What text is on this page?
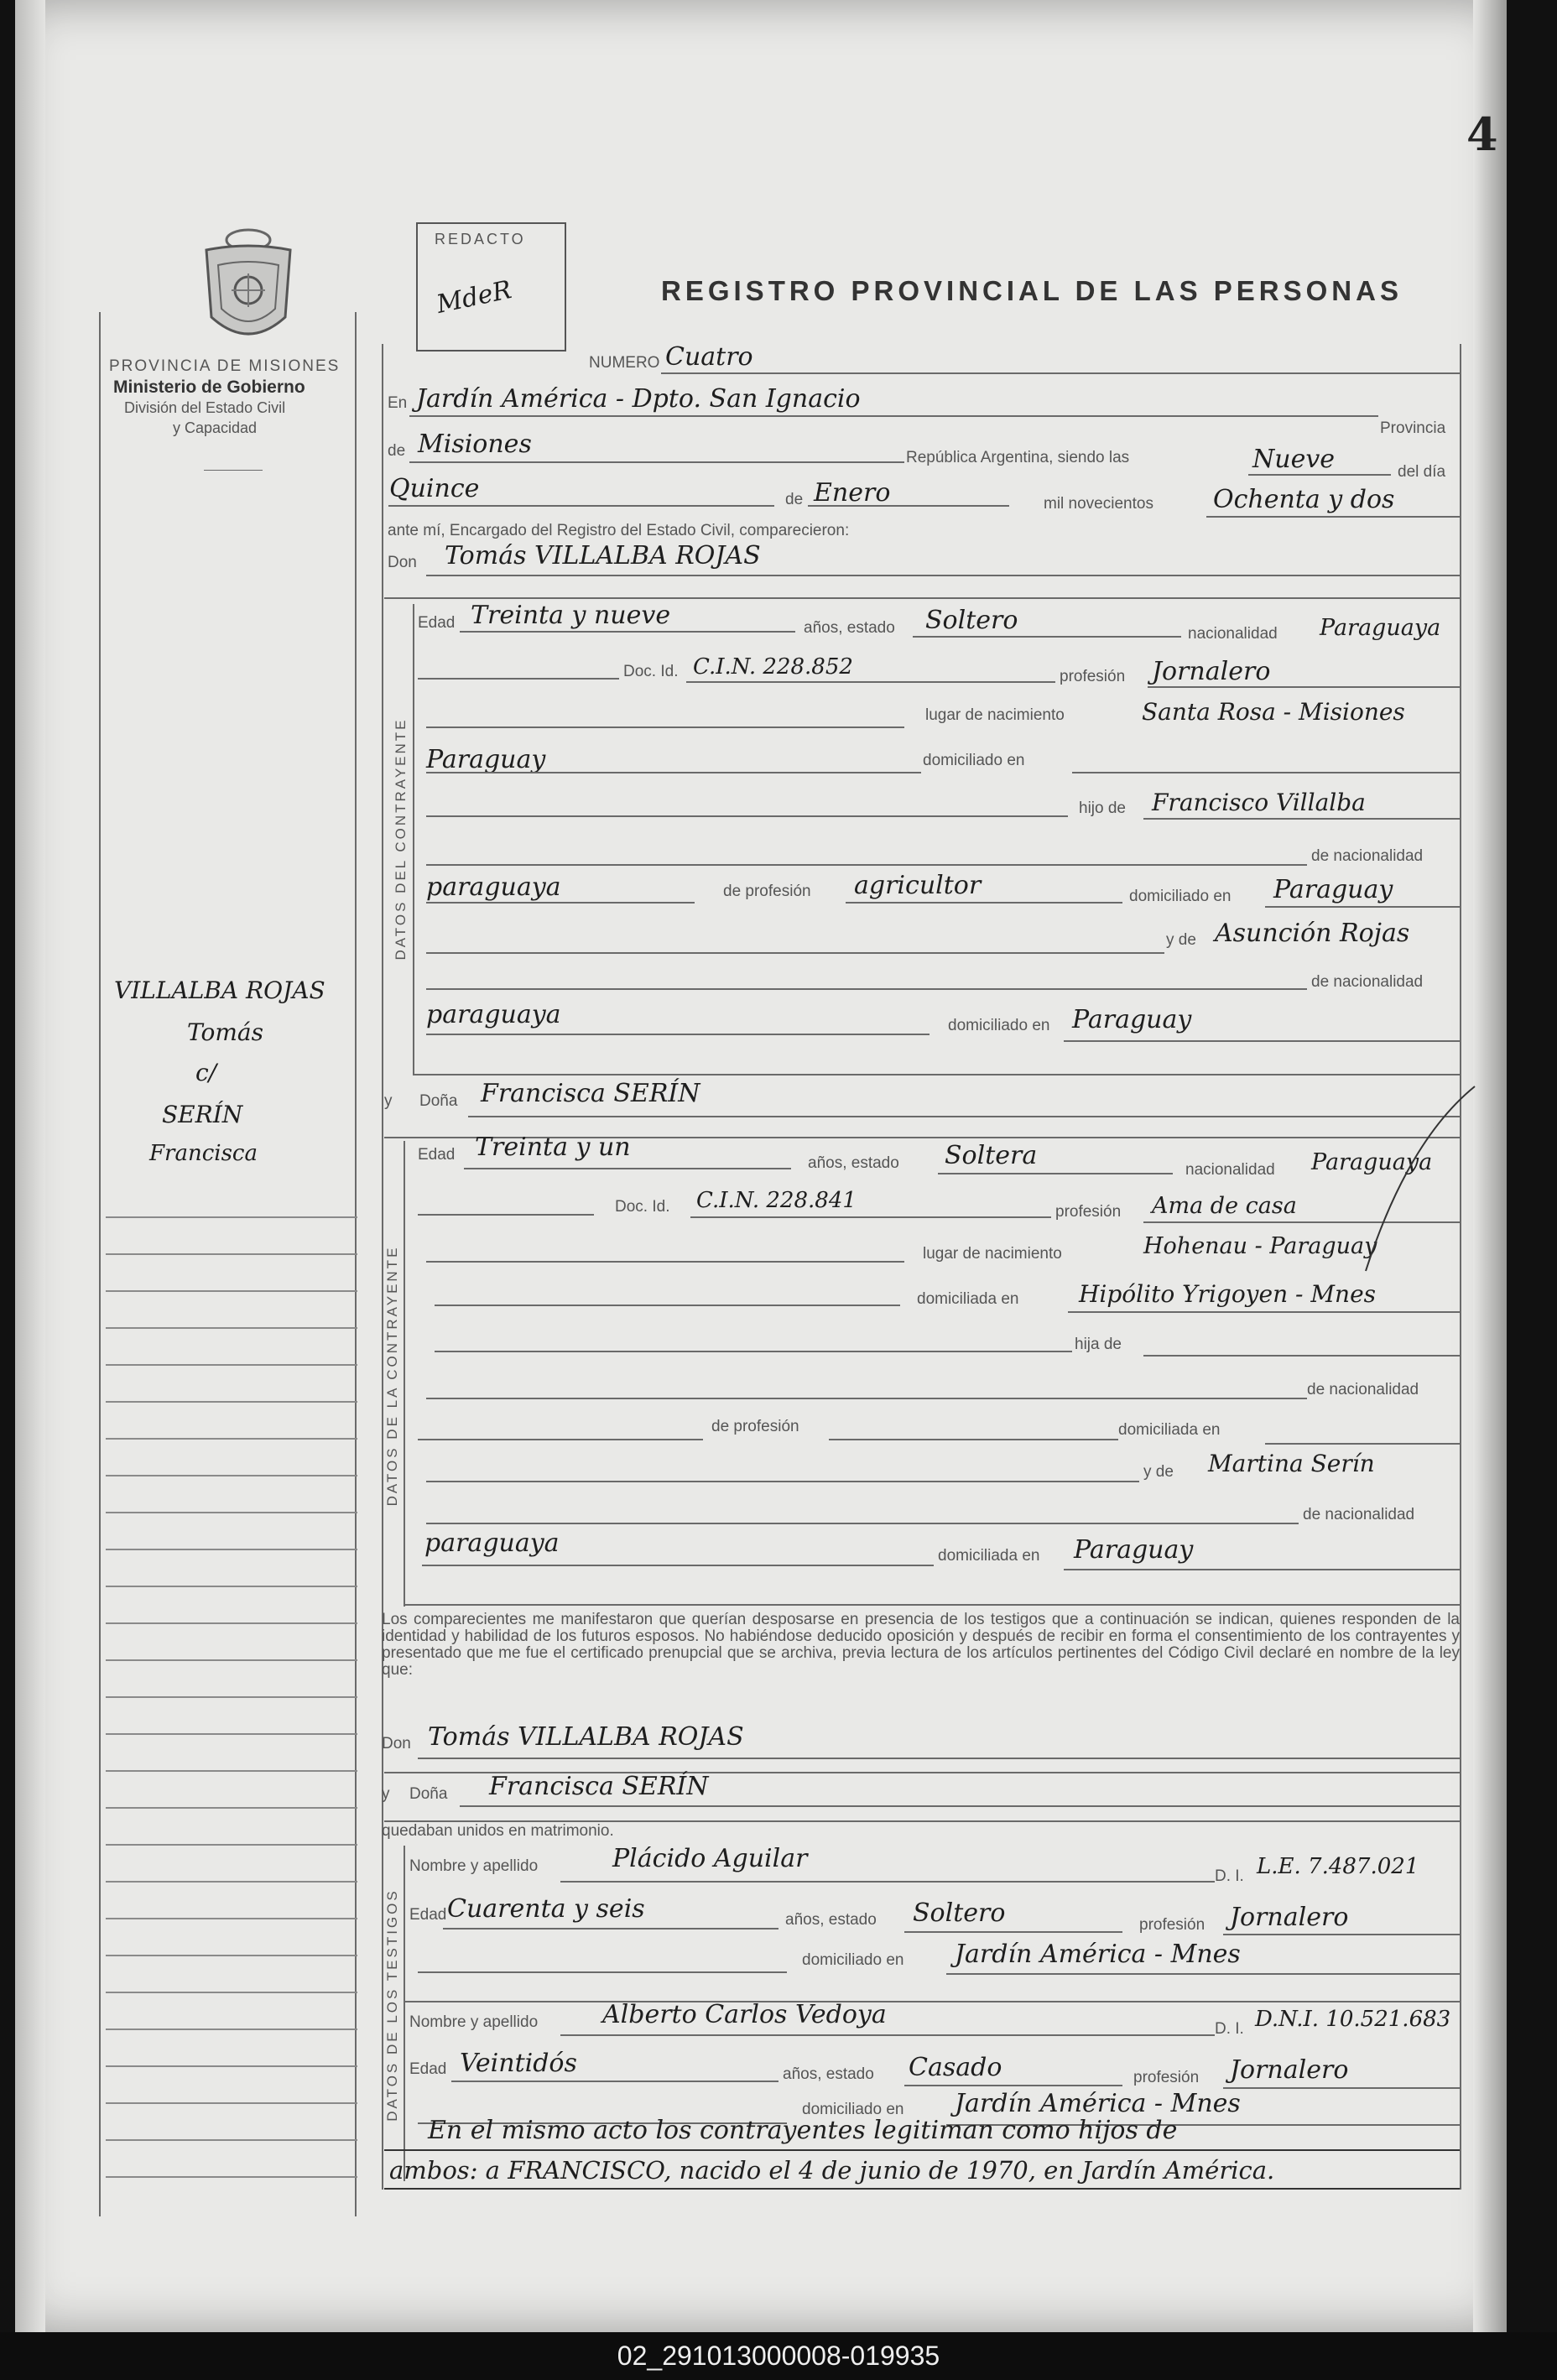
4
PROVINCIA DE MISIONES
Ministerio de Gobierno
División del Estado Civil
y Capacidad
VILLALBA ROJAS
Tomás
c/
SERÍN
Francisca
REDACTO
MdeR	REGISTRO PROVINCIAL DE LAS PERSONAS
NUMERO Cuatro
En Jardín América - Dpto. San Ignacio
Provincia
de Misiones	República Argentina, siendo las	Nueve	del día
Quince	de Enero	mil novecientos Ochenta y dos
ante mí, Encargado del Registro del Estado Civil, comparecieron:
Don Tomás VILLALBA ROJAS
DATOS DEL CONTRAYENTE
Edad Treinta y nueve	años, estado Soltero	nacionalidad Paraguaya
Doc. Id. C.I.N. 228.852	profesión Jornalero
lugar de nacimiento	Santa Rosa - Misiones
Paraguay	domiciliado en
hijo de Francisco Villalba
de nacionalidad
paraguaya	de profesión agricultor	domiciliado en Paraguay
y de Asunción Rojas
de nacionalidad
paraguaya	domiciliado en Paraguay
y Doña Francisca SERÍN
DATOS DE LA CONTRAYENTE
Edad Treinta y un
años, estado Soltera	nacionalidad Paraguaya
Doc. Id. C.I.N. 228.841	profesión Ama de casa
lugar de nacimiento	Hohenau - Paraguay
domiciliada en	Hipólito Yrigoyen - Mnes
hija de
de nacionalidad
de profesión	domiciliada en
y de Martina Serín
de nacionalidad
paraguaya	domiciliada en Paraguay
Los comparecientes me manifestaron que querían desposarse en presencia de los testigos que a continuación se indican, quienes responden de la identidad y habilidad de los futuros esposos. No habiéndose deducido oposición y después de recibir en forma el consentimiento de los contrayentes y presentado que me fue el certificado prenupcial que se archiva, previa lectura de los artículos pertinentes del Código Civil declaré en nombre de la ley que:
Don Tomás VILLALBA ROJAS
y Doña Francisca SERÍN
quedaban unidos en matrimonio.
DATOS DE LOS TESTIGOS
Nombre y apellido	Plácido Aguilar
D. I. L.E. 7.487.021
Edad Cuarenta y seis	años, estado Soltero	profesión Jornalero
domiciliado en Jardín América - Mnes
Nombre y apellido	Alberto Carlos Vedoya	D. I. D.N.I. 10.521.683
Edad Veintidós	años, estado Casado	profesión Jornalero
domiciliado en Jardín América - Mnes
En el mismo acto los contrayentes legitiman como hijos de
ambos: a FRANCISCO, nacido el 4 de junio de 1970, en Jardín América.
02_291013000008-019935
